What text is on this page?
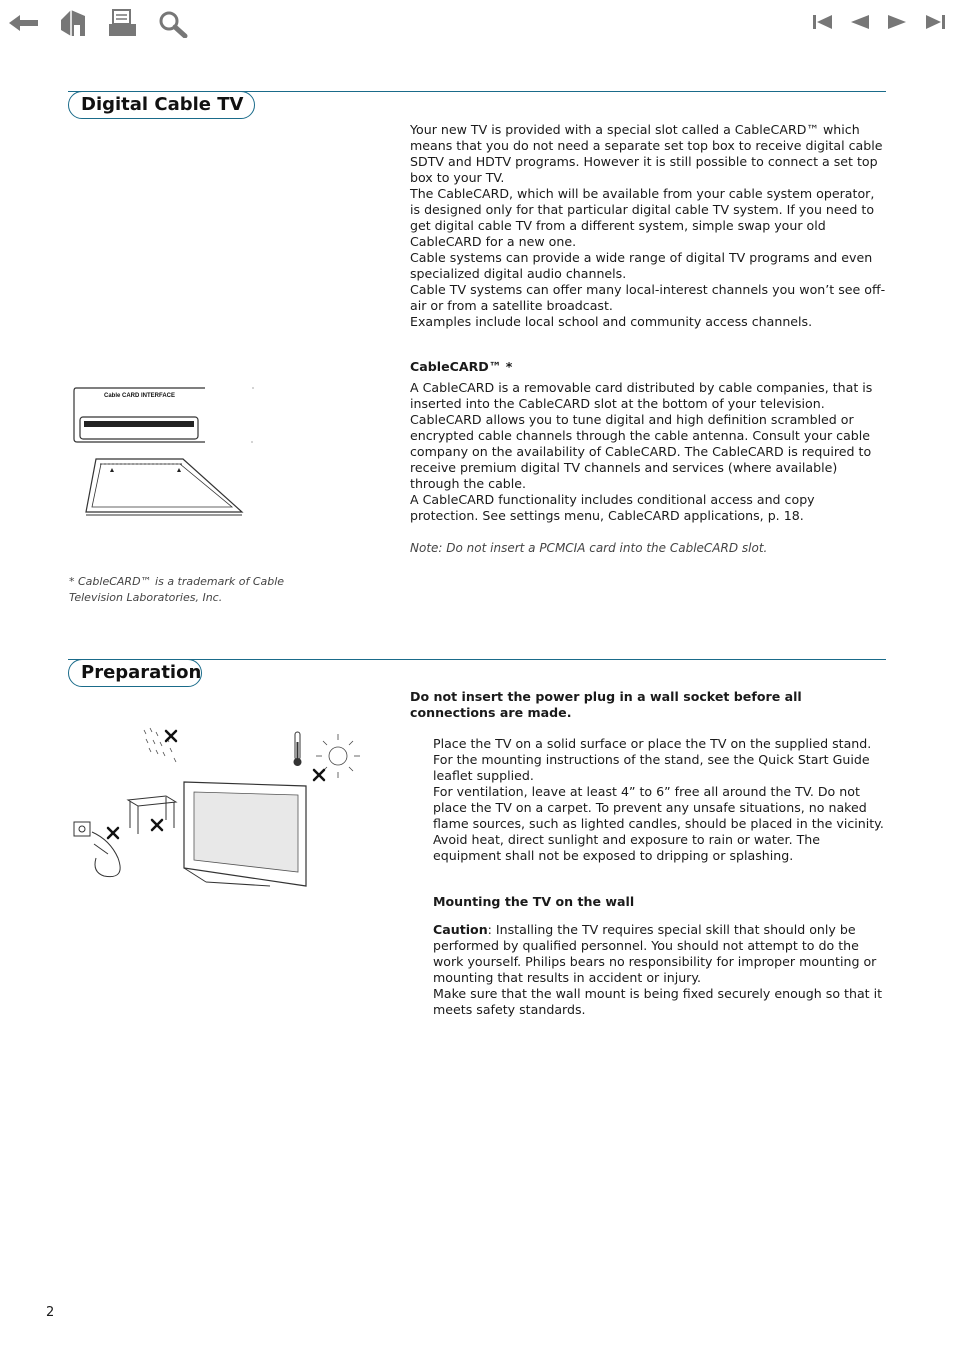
Digital Cable TV

Your new TV is provided with a special slot called a CableCARD™ which means that you do not need a separate set top box to receive digital cable SDTV and HDTV programs. However it is still possible to connect a set top box to your TV.

The CableCARD, which will be available from your cable system operator, is designed only for that particular digital cable TV system. If you need to get digital cable TV from a different system, simple swap your old CableCARD for a new one.

Cable systems can provide a wide range of digital TV programs and even specialized digital audio channels.

Cable TV systems can offer many local-interest channels you won’t see off-air or from a satellite broadcast.

Examples include local school and community access channels.

CableCARD™ *

A CableCARD is a removable card distributed by cable companies, that is inserted into the CableCARD slot at the bottom of your television.

CableCARD allows you to tune digital and high definition scrambled or encrypted cable channels through the cable antenna. Consult your cable company on the availability of CableCARD. The CableCARD is required to receive premium digital TV channels and services (where available) through the cable.

A CableCARD functionality includes conditional access and copy protection. See settings menu, CableCARD applications, p. 18.

Note: Do not insert a PCMCIA card into the CableCARD slot.

Cable CARD INTERFACE
* CableCARD™ is a trademark of Cable Television Laboratories, Inc.
Preparation
Do not insert the power plug in a wall socket before all connections are made.

Place the TV on a solid surface or place the TV on the supplied stand. For the mounting instructions of the stand, see the Quick Start Guide leaflet supplied.

For ventilation, leave at least 4” to 6” free all around the TV. Do not place the TV on a carpet. To prevent any unsafe situations, no naked flame sources, such as lighted candles, should be placed in the vicinity.

Avoid heat, direct sunlight and exposure to rain or water. The equipment shall not be exposed to dripping or splashing.

Mounting the TV on the wall

Caution: Installing the TV requires special skill that should only be performed by qualified personnel. You should not attempt to do the work yourself. Philips bears no responsibility for improper mounting or mounting that results in accident or injury.

Make sure that the wall mount is being fixed securely enough so that it meets safety standards.

2
